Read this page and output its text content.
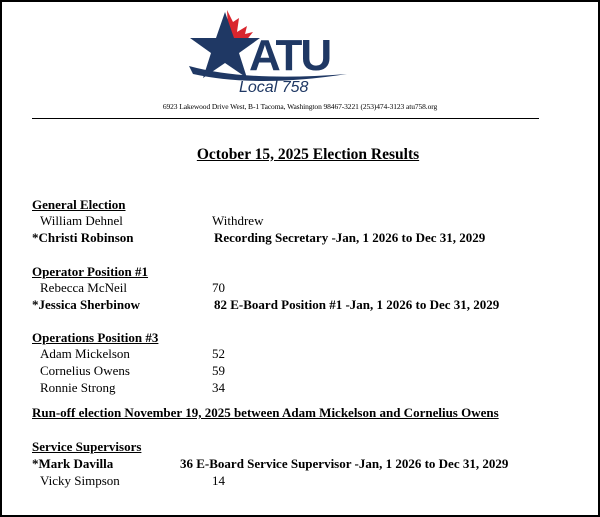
ATU
Local 758
6923 Lakewood Drive West, B-1 Tacoma, Washington 98467-3221 (253)474-3123 atu758.org
October 15, 2025 Election Results
General Election
William Dehnel	Withdrew
*Christi Robinson	Recording Secretary -Jan, 1 2026 to Dec 31, 2029
Operator Position #1
Rebecca McNeil	70
*Jessica Sherbinow	82 E-Board Position #1 -Jan, 1 2026 to Dec 31, 2029
Operations Position #3
Adam Mickelson	52
Cornelius Owens	59
Ronnie Strong	34
Run-off election November 19, 2025 between Adam Mickelson and Cornelius Owens
Service Supervisors
*Mark Davilla	36 E-Board Service Supervisor -Jan, 1 2026 to Dec 31, 2029
Vicky Simpson	14
